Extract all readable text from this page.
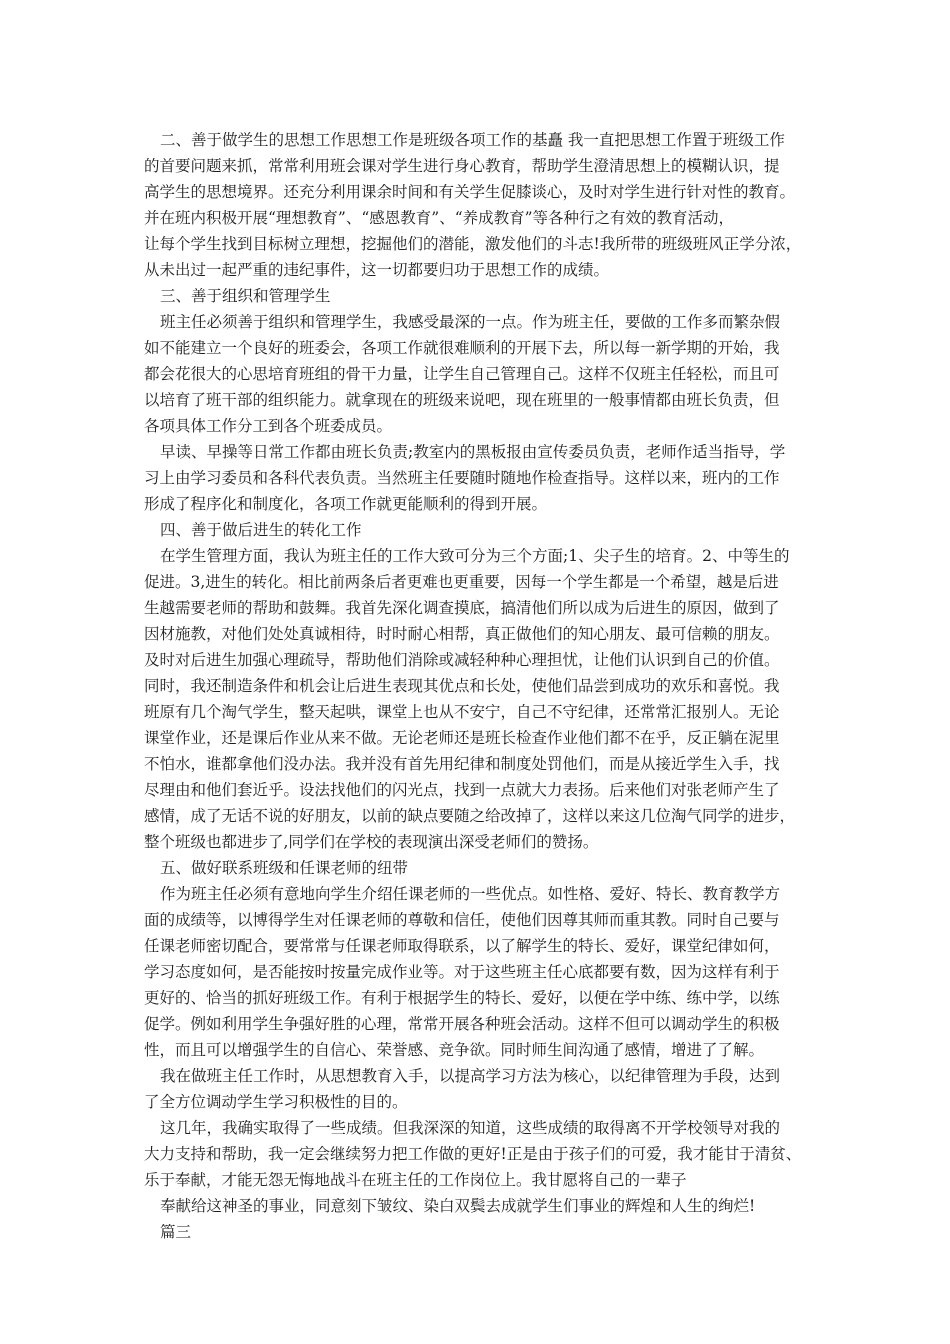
二、善于做学生的思想工作思想工作是班级各项工作的基矗 我一直把思想工作置于班级工作
的首要问题来抓，常常利用班会课对学生进行身心教育，帮助学生澄清思想上的模糊认识，提
高学生的思想境界。还充分利用课余时间和有关学生促膝谈心，及时对学生进行针对性的教育。
并在班内积极开展“理想教育”、“感恩教育”、“养成教育”等各种行之有效的教育活动，
让每个学生找到目标树立理想，挖掘他们的潜能，激发他们的斗志!我所带的班级班风正学分浓，
从未出过一起严重的违纪事件，这一切都要归功于思想工作的成绩。
三、善于组织和管理学生
班主任必须善于组织和管理学生，我感受最深的一点。作为班主任，要做的工作多而繁杂假
如不能建立一个良好的班委会，各项工作就很难顺利的开展下去，所以每一新学期的开始，我
都会花很大的心思培育班组的骨干力量，让学生自己管理自己。这样不仅班主任轻松，而且可
以培育了班干部的组织能力。就拿现在的班级来说吧，现在班里的一般事情都由班长负责，但
各项具体工作分工到各个班委成员。
早读、早操等日常工作都由班长负责;教室内的黑板报由宣传委员负责，老师作适当指导，学
习上由学习委员和各科代表负责。当然班主任要随时随地作检查指导。这样以来，班内的工作
形成了程序化和制度化，各项工作就更能顺利的得到开展。
四、善于做后进生的转化工作
在学生管理方面，我认为班主任的工作大致可分为三个方面;1、尖子生的培育。2、中等生的
促进。3,进生的转化。相比前两条后者更难也更重要，因每一个学生都是一个希望，越是后进
生越需要老师的帮助和鼓舞。我首先深化调查摸底，搞清他们所以成为后进生的原因，做到了
因材施教，对他们处处真诚相待，时时耐心相帮，真正做他们的知心朋友、最可信赖的朋友。
及时对后进生加强心理疏导，帮助他们消除或减轻种种心理担忧，让他们认识到自己的价值。
同时，我还制造条件和机会让后进生表现其优点和长处，使他们品尝到成功的欢乐和喜悦。我
班原有几个淘气学生，整天起哄，课堂上也从不安宁，自己不守纪律，还常常汇报别人。无论
课堂作业，还是课后作业从来不做。无论老师还是班长检查作业他们都不在乎，反正躺在泥里
不怕水，谁都拿他们没办法。我并没有首先用纪律和制度处罚他们，而是从接近学生入手，找
尽理由和他们套近乎。设法找他们的闪光点，找到一点就大力表扬。后来他们对张老师产生了
感情，成了无话不说的好朋友，以前的缺点要随之给改掉了，这样以来这几位淘气同学的进步，
整个班级也都进步了,同学们在学校的表现演出深受老师们的赞扬。
五、做好联系班级和任课老师的纽带
作为班主任必须有意地向学生介绍任课老师的一些优点。如性格、爱好、特长、教育教学方
面的成绩等，以博得学生对任课老师的尊敬和信任，使他们因尊其师而重其教。同时自己要与
任课老师密切配合，要常常与任课老师取得联系，以了解学生的特长、爱好，课堂纪律如何，
学习态度如何，是否能按时按量完成作业等。对于这些班主任心底都要有数，因为这样有利于
更好的、恰当的抓好班级工作。有利于根据学生的特长、爱好，以便在学中练、练中学，以练
促学。例如利用学生争强好胜的心理，常常开展各种班会活动。这样不但可以调动学生的积极
性，而且可以增强学生的自信心、荣誉感、竞争欲。同时师生间沟通了感情，增进了了解。
我在做班主任工作时，从思想教育入手，以提高学习方法为核心，以纪律管理为手段，达到
了全方位调动学生学习积极性的目的。
这几年，我确实取得了一些成绩。但我深深的知道，这些成绩的取得离不开学校领导对我的
大力支持和帮助，我一定会继续努力把工作做的更好!正是由于孩子们的可爱，我才能甘于清贫、
乐于奉献，才能无怨无悔地战斗在班主任的工作岗位上。我甘愿将自己的一辈子
奉献给这神圣的事业，同意刻下皱纹、染白双鬓去成就学生们事业的辉煌和人生的绚烂!
篇三
